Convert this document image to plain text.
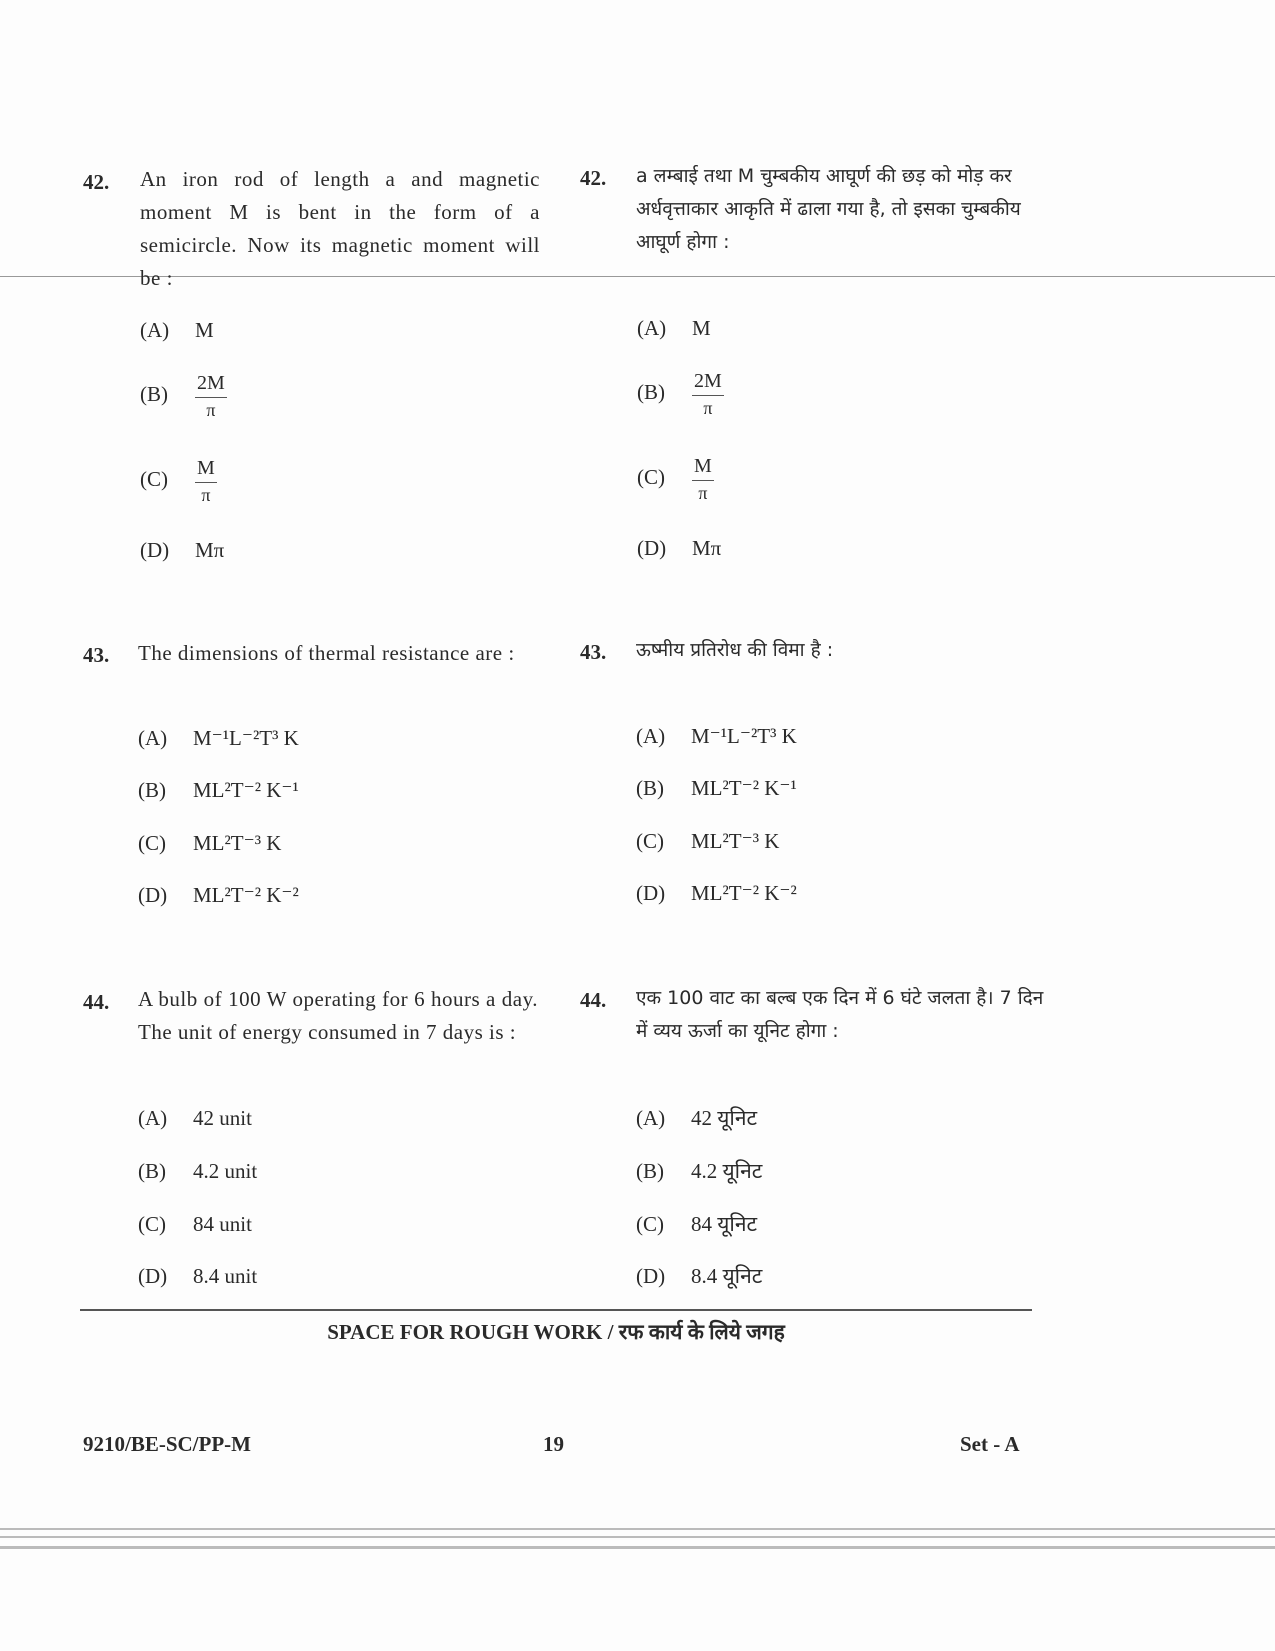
42. An iron rod of length a and magnetic moment M is bent in the form of a semicircle. Now its magnetic moment will be :
42. a लम्बाई तथा M चुम्बकीय आघूर्ण की छड़ को मोड़ कर अर्धवृत्ताकार आकृति में ढाला गया है, तो इसका चुम्बकीय आघूर्ण होगा :
(A) M
$(B) \frac{2M}{\pi}$
$(C) \frac{M}{\pi}$
(D) Mπ
(A) M
$(B) \frac{2M}{\pi}$
$(C) \frac{M}{\pi}$
(D) Mπ
43. The dimensions of thermal resistance are :	43. ऊष्मीय प्रतिरोध की विमा है :
(A) M⁻¹L⁻²T³ K
(B) ML²T⁻² K⁻¹
(C) ML²T⁻³ K
(D) ML²T⁻² K⁻²
(A) M⁻¹L⁻²T³ K
(B) ML²T⁻² K⁻¹
(C) ML²T⁻³ K
(D) ML²T⁻² K⁻²
44. A bulb of 100 W operating for 6 hours a day. The unit of energy consumed in 7 days is :
44. एक 100 वाट का बल्ब एक दिन में 6 घंटे जलता है। 7 दिन में व्यय ऊर्जा का यूनिट होगा :
(A) 42 unit
(B) 4.2 unit
(C) 84 unit
(D) 8.4 unit
(A) 42 यूनिट
(B) 4.2 यूनिट
(C) 84 यूनिट
(D) 8.4 यूनिट
SPACE FOR ROUGH WORK / रफ कार्य के लिये जगह
9210/BE-SC/PP-M	19	Set - A
